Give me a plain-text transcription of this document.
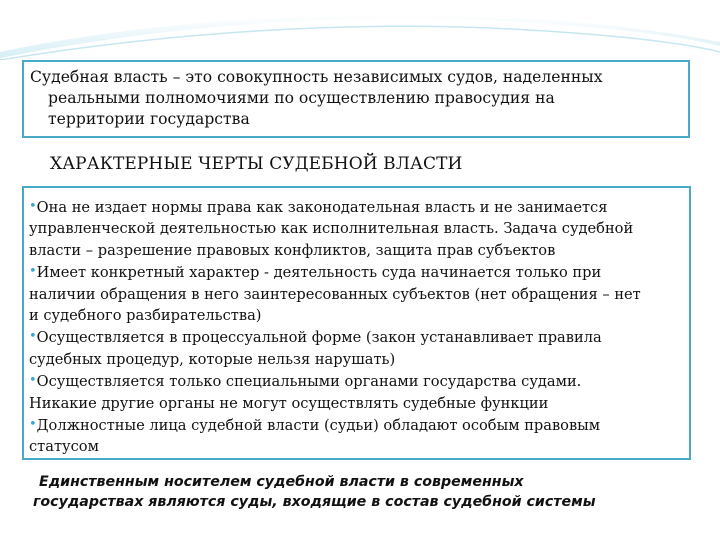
Судебная власть – это совокупность независимых судов, наделенных
реальными полномочиями по осуществлению правосудия на
территории государства
ХАРАКТЕРНЫЕ ЧЕРТЫ СУДЕБНОЙ ВЛАСТИ
•Она не издает нормы права как законодательная власть и не занимается
управленческой деятельностью как исполнительная власть. Задача судебной
власти – разрешение правовых конфликтов, защита прав субъектов
•Имеет конкретный характер - деятельность суда начинается только при
наличии обращения в него заинтересованных субъектов (нет обращения – нет
и судебного разбирательства)
•Осуществляется в процессуальной форме (закон устанавливает правила
судебных процедур, которые нельзя нарушать)
•Осуществляется только специальными органами государства судами.
Никакие другие органы не могут осуществлять судебные функции
•Должностные лица судебной власти (судьи) обладают особым правовым
статусом
Единственным носителем судебной власти в современных
государствах являются суды, входящие в состав судебной системы
